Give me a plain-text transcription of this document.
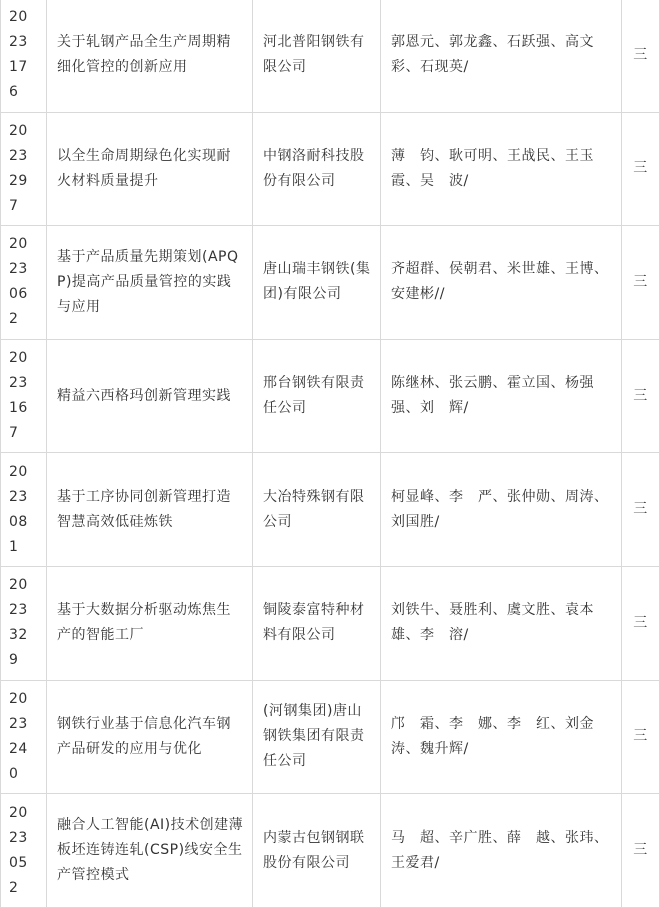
2023176	关于轧钢产品全生产周期精细化管控的创新应用	河北普阳钢铁有限公司	郭恩元、郭龙鑫、石跃强、高文彩、石现英/	三

2023297	以全生命周期绿色化实现耐火材料质量提升	中钢洛耐科技股份有限公司	薄　钧、耿可明、王战民、王玉霞、吴　波/	三

2023062	基于产品质量先期策划(APQP)提高产品质量管控的实践与应用	唐山瑞丰钢铁(集团)有限公司	齐超群、侯朝君、米世雄、王博、安建彬//	三

2023167	精益六西格玛创新管理实践	邢台钢铁有限责任公司	陈继林、张云鹏、霍立国、杨强强、刘　辉/	三

2023081	基于工序协同创新管理打造智慧高效低硅炼铁	大冶特殊钢有限公司	柯显峰、李　严、张仲勋、周涛、刘国胜/	三

2023329	基于大数据分析驱动炼焦生产的智能工厂	铜陵泰富特种材料有限公司	刘铁牛、聂胜利、虞文胜、袁本雄、李　溶/	三

2023240	钢铁行业基于信息化汽车钢产品研发的应用与优化	(河钢集团)唐山钢铁集团有限责任公司	邝　霜、李　娜、李　红、刘金涛、魏升辉/	三

2023052	融合人工智能(AI)技术创建薄板坯连铸连轧(CSP)线安全生产管控模式	内蒙古包钢钢联股份有限公司	马　超、辛广胜、薛　越、张玮、王爱君/	三
